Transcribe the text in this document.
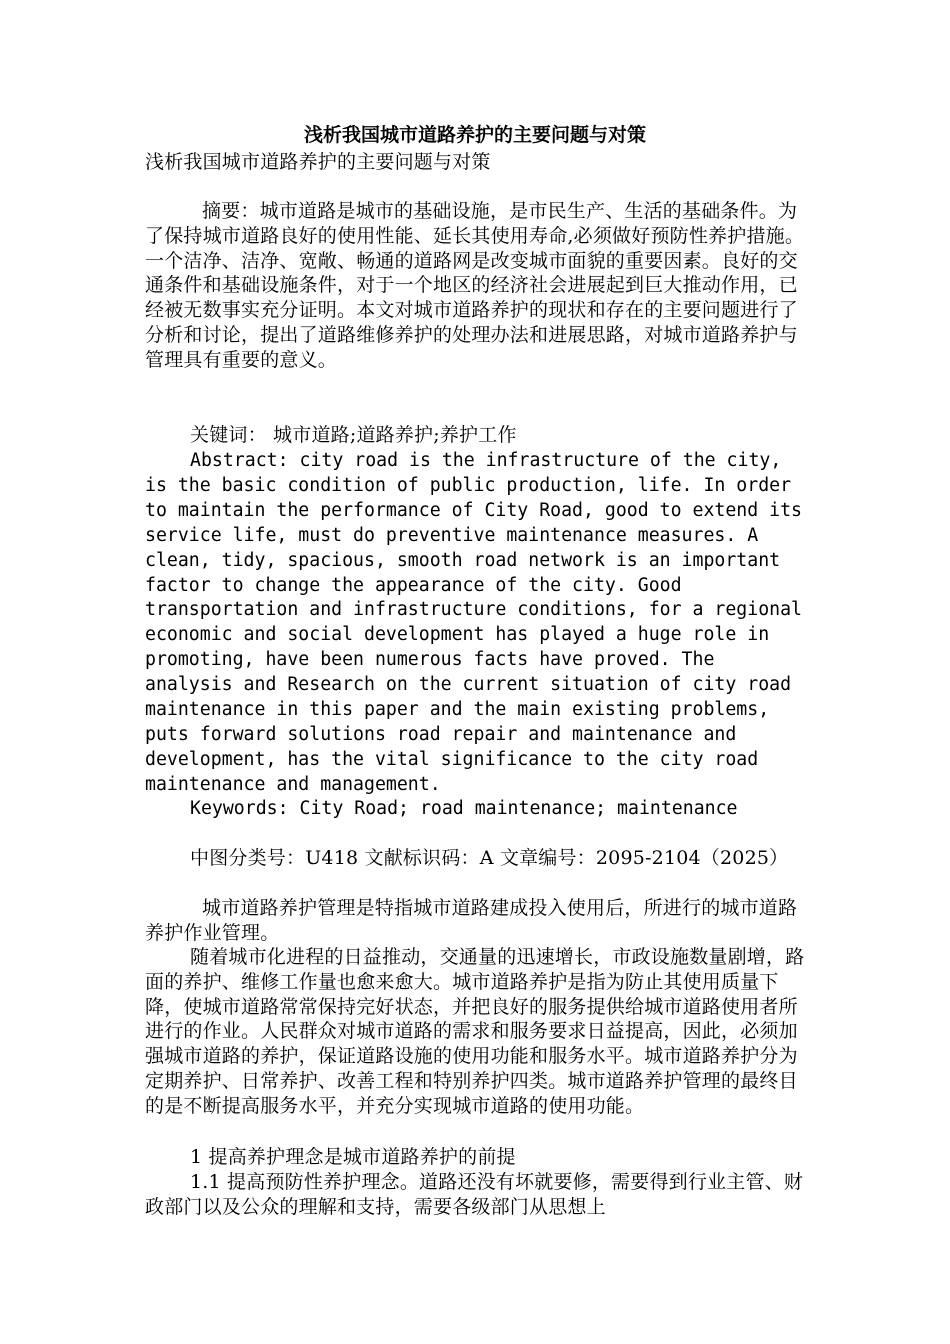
浅析我国城市道路养护的主要问题与对策
浅析我国城市道路养护的主要问题与对策

摘要：城市道路是城市的基础设施，是市民生产、生活的基础条件。为了保持城市道路良好的使用性能、延长其使用寿命,必须做好预防性养护措施。一个洁净、洁净、宽敞、畅通的道路网是改变城市面貌的重要因素。良好的交通条件和基础设施条件，对于一个地区的经济社会进展起到巨大推动作用，已经被无数事实充分证明。本文对城市道路养护的现状和存在的主要问题进行了分析和讨论，提出了道路维修养护的处理办法和进展思路，对城市道路养护与管理具有重要的意义。

关键词： 城市道路;道路养护;养护工作

Abstract: city road is the infrastructure of the city, is the basic condition of public production, life. In order to maintain the performance of City Road, good to extend its service life, must do preventive maintenance measures. A clean, tidy, spacious, smooth road network is an important factor to change the appearance of the city. Good transportation and infrastructure conditions, for a regional economic and social development has played a huge role in promoting, have been numerous facts have proved. The analysis and Research on the current situation of city road maintenance in this paper and the main existing problems, puts forward solutions road repair and maintenance and development, has the vital significance to the city road maintenance and management.

Keywords: City Road; road maintenance; maintenance

中图分类号：U418 文献标识码：A 文章编号：2095-2104（2025）

城市道路养护管理是特指城市道路建成投入使用后，所进行的城市道路养护作业管理。

随着城市化进程的日益推动，交通量的迅速增长，市政设施数量剧增，路面的养护、维修工作量也愈来愈大。城市道路养护是指为防止其使用质量下降，使城市道路常常保持完好状态，并把良好的服务提供给城市道路使用者所进行的作业。人民群众对城市道路的需求和服务要求日益提高，因此，必须加强城市道路的养护，保证道路设施的使用功能和服务水平。城市道路养护分为定期养护、日常养护、改善工程和特别养护四类。城市道路养护管理的最终目的是不断提高服务水平，并充分实现城市道路的使用功能。

1 提高养护理念是城市道路养护的前提

1.1 提高预防性养护理念。道路还没有坏就要修，需要得到行业主管、财政部门以及公众的理解和支持，需要各级部门从思想上
